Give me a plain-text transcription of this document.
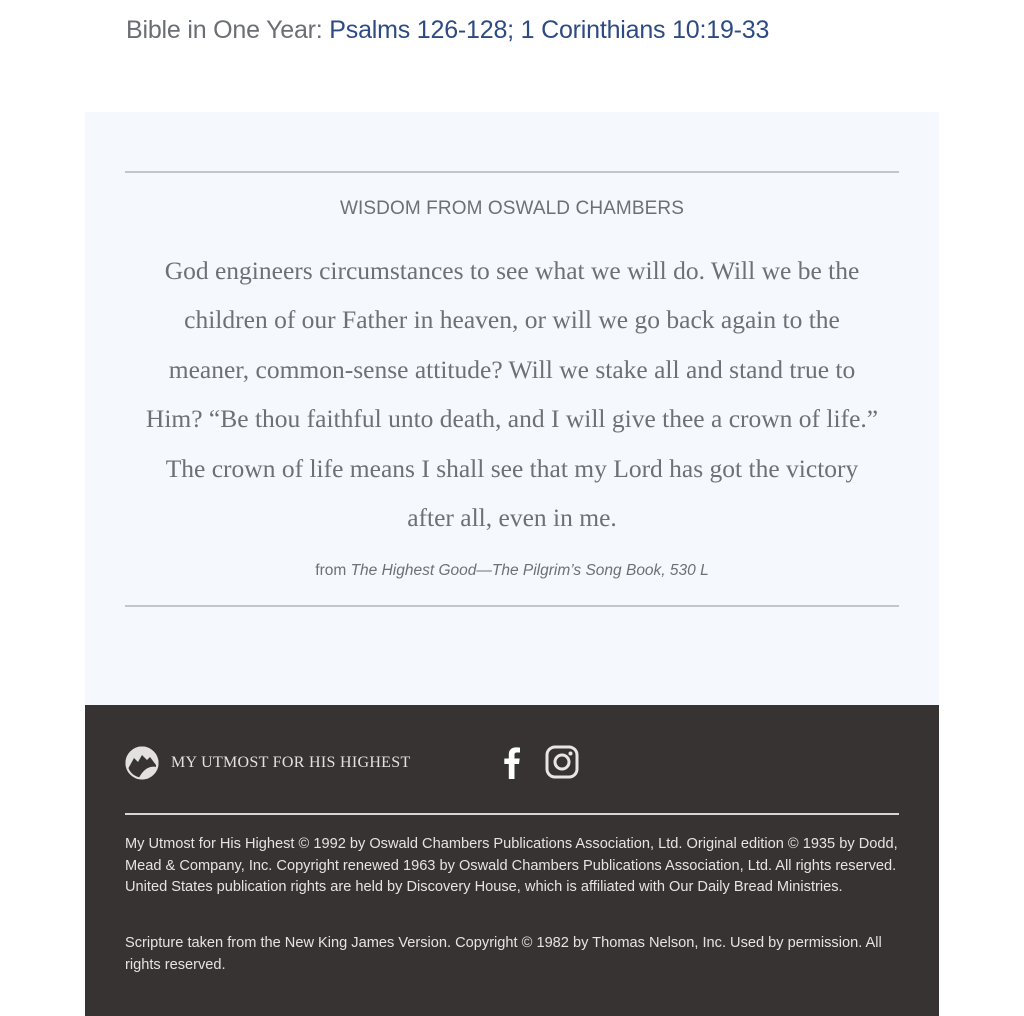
Bible in One Year: Psalms 126-128; 1 Corinthians 10:19-33
WISDOM FROM OSWALD CHAMBERS
God engineers circumstances to see what we will do. Will we be the children of our Father in heaven, or will we go back again to the meaner, common-sense attitude? Will we stake all and stand true to Him? “Be thou faithful unto death, and I will give thee a crown of life.” The crown of life means I shall see that my Lord has got the victory after all, even in me.
from The Highest Good—The Pilgrim’s Song Book, 530 L
MY UTMOST FOR HIS HIGHEST

My Utmost for His Highest © 1992 by Oswald Chambers Publications Association, Ltd. Original edition © 1935 by Dodd, Mead & Company, Inc. Copyright renewed 1963 by Oswald Chambers Publications Association, Ltd. All rights reserved. United States publication rights are held by Discovery House, which is affiliated with Our Daily Bread Ministries.

Scripture taken from the New King James Version. Copyright © 1982 by Thomas Nelson, Inc. Used by permission. All rights reserved.
